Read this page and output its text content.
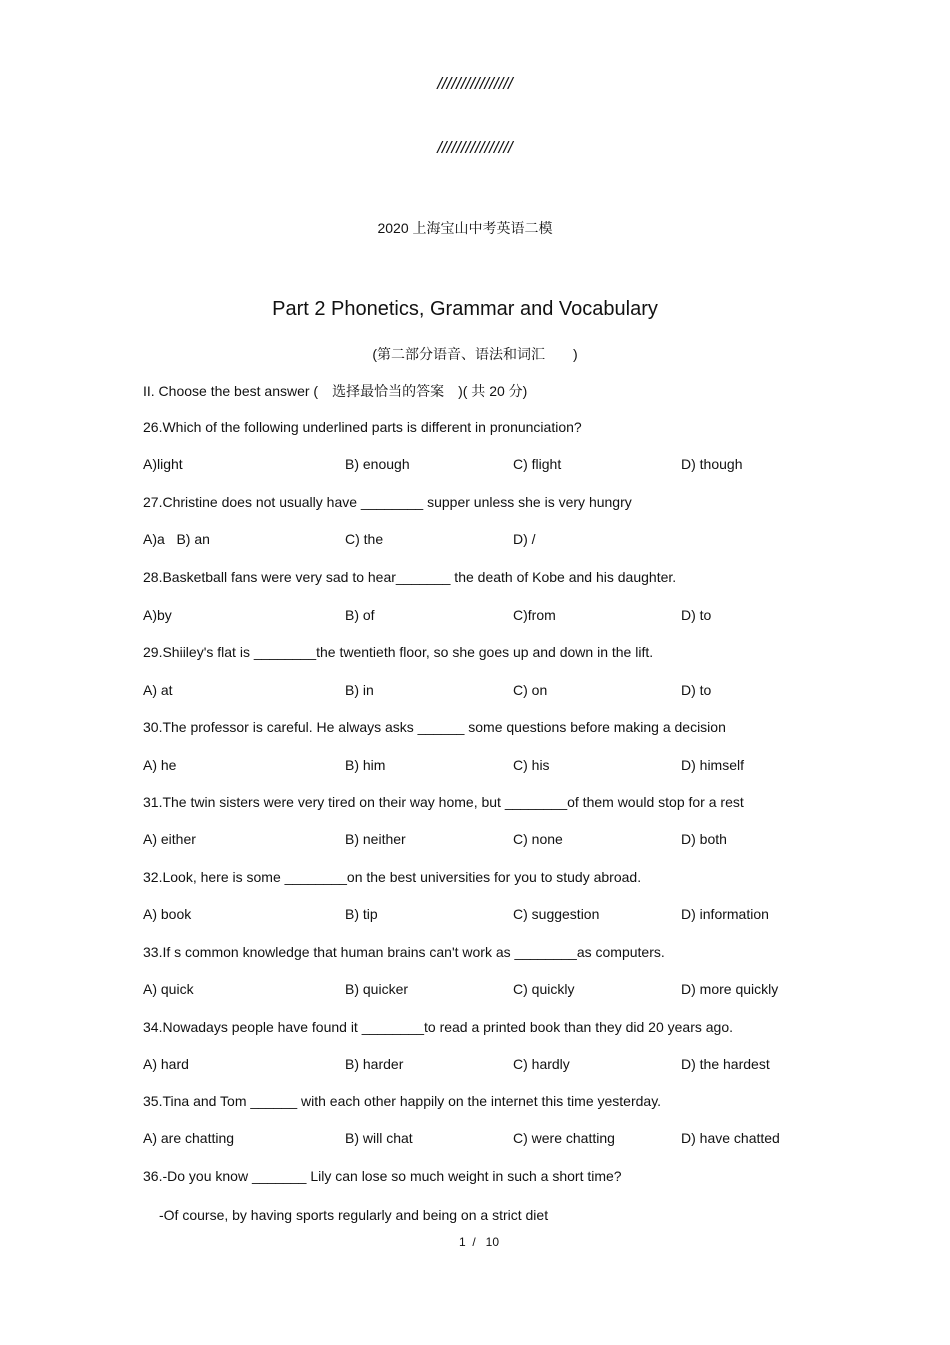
////////////////
////////////////
2020 上海宝山中考英语二模
Part 2 Phonetics, Grammar and Vocabulary
(第二部分语音、语法和词汇　　)
II. Choose the best answer (　选择最恰当的答案　)( 共 20 分)
26.Which of the following underlined parts is different in pronunciation?
A)light	B) enough	C) flight	D) though
27.Christine does not usually have ________ supper unless she is very hungry
A)a   B) an	C) the	D) /
28.Basketball fans were very sad to hear_______ the death of Kobe and his daughter.
A)by	B) of	C)from	D) to
29.Shiiley's flat is ________the twentieth floor, so she goes up and down in the lift.
A) at	B) in	C) on	D) to
30.The professor is careful. He always asks ______ some questions before making a decision
A) he	B) him	C) his	D) himself
31.The twin sisters were very tired on their way home, but ________of them would stop for a rest
A) either	B) neither	C) none	D) both
32.Look, here is some ________on the best universities for you to study abroad.
A) book	B) tip	C) suggestion	D) information
33.If s common knowledge that human brains can't work as ________as computers.
A) quick	B) quicker	C) quickly	D) more quickly
34.Nowadays people have found it ________to read a printed book than they did 20 years ago.
A) hard	B) harder	C) hardly	D) the hardest
35.Tina and Tom ______ with each other happily on the internet this time yesterday.
A) are chatting	B) will chat	C) were chatting	D) have chatted
36.-Do you know _______ Lily can lose so much weight in such a short time?
-Of course, by having sports regularly and being on a strict diet
1  /   10
